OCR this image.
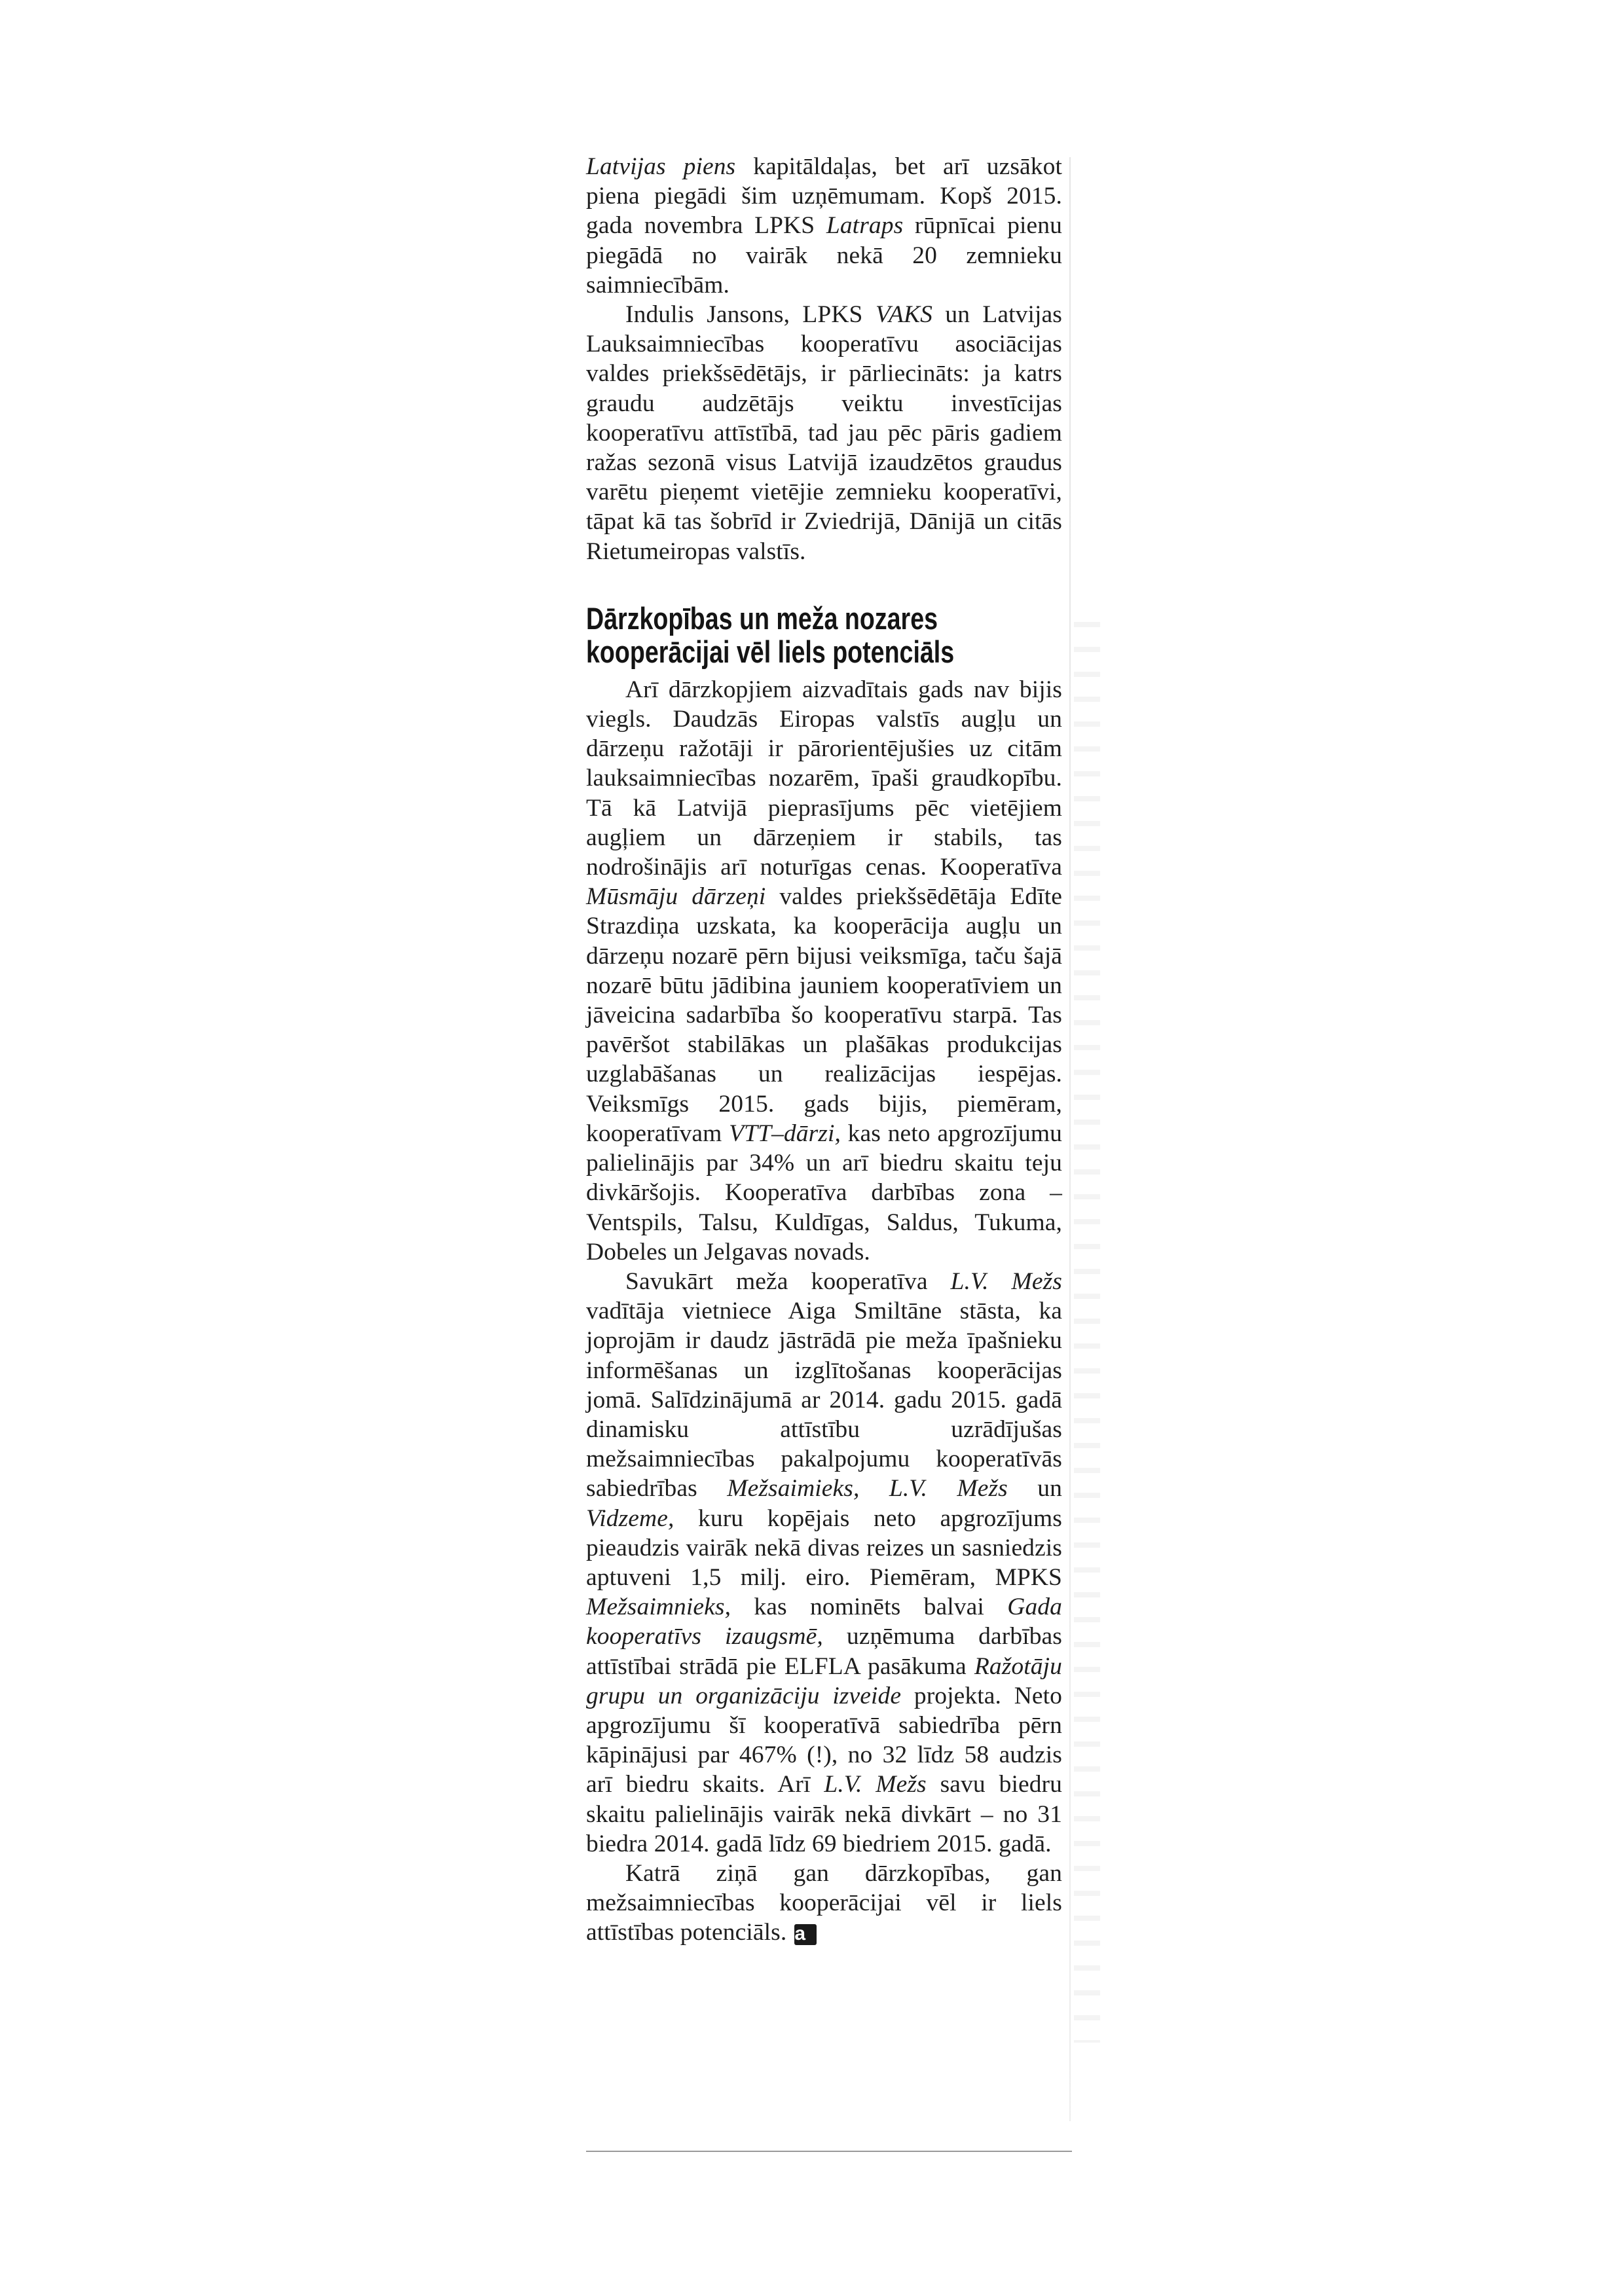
Latvijas piens kapitāldaļas, bet arī uzsākot piena piegādi šim uzņēmumam. Kopš 2015. gada novembra LPKS Latraps rūpnīcai pienu piegādā no vairāk nekā 20 zemnieku saimniecībām.

Indulis Jansons, LPKS VAKS un Latvijas Lauksaimniecības kooperatīvu asociācijas valdes priekšsēdētājs, ir pārliecināts: ja katrs graudu audzētājs veiktu investīcijas kooperatīvu attīstībā, tad jau pēc pāris gadiem ražas sezonā visus Latvijā izaudzētos graudus varētu pieņemt vietējie zemnieku kooperatīvi, tāpat kā tas šobrīd ir Zviedrijā, Dānijā un citās Rietumeiropas valstīs.

Dārzkopības un meža nozares
kooperācijai vēl liels potenciāls

Arī dārzkopjiem aizvadītais gads nav bijis viegls. Daudzās Eiropas valstīs augļu un dārzeņu ražotāji ir pārorientējušies uz citām lauksaimniecības nozarēm, īpaši graudkopību. Tā kā Latvijā pieprasījums pēc vietējiem augļiem un dārzeņiem ir stabils, tas nodrošinājis arī noturīgas cenas. Kooperatīva Mūsmāju dārzeņi valdes priekšsēdētāja Edīte Strazdiņa uzskata, ka kooperācija augļu un dārzeņu nozarē pērn bijusi veiksmīga, taču šajā nozarē būtu jādibina jauniem kooperatīviem un jāveicina sadarbība šo kooperatīvu starpā. Tas pavēršot stabilākas un plašākas produkcijas uzglabāšanas un realizācijas iespējas. Veiksmīgs 2015. gads bijis, piemēram, kooperatīvam VTT–dārzi, kas neto apgrozījumu palielinājis par 34% un arī biedru skaitu teju divkāršojis. Kooperatīva darbības zona – Ventspils, Talsu, Kuldīgas, Saldus, Tukuma, Dobeles un Jelgavas novads.

Savukārt meža kooperatīva L.V. Mežs vadītāja vietniece Aiga Smiltāne stāsta, ka joprojām ir daudz jāstrādā pie meža īpašnieku informēšanas un izglītošanas kooperācijas jomā. Salīdzinājumā ar 2014. gadu 2015. gadā dinamisku attīstību uzrādījušas mežsaimniecības pakalpojumu kooperatīvās sabiedrības Mežsaimieks, L.V. Mežs un Vidzeme, kuru kopējais neto apgrozījums pieaudzis vairāk nekā divas reizes un sasniedzis aptuveni 1,5 milj. eiro. Piemēram, MPKS Mežsaimnieks, kas nominēts balvai Gada kooperatīvs izaugsmē, uzņēmuma darbības attīstībai strādā pie ELFLA pasākuma Ražotāju grupu un organizāciju izveide projekta. Neto apgrozījumu šī kooperatīvā sabiedrība pērn kāpinājusi par 467% (!), no 32 līdz 58 audzis arī biedru skaits. Arī L.V. Mežs savu biedru skaitu palielinājis vairāk nekā divkārt – no 31 biedra 2014. gadā līdz 69 biedriem 2015. gadā.

Katrā ziņā gan dārzkopības, gan mežsaimniecības kooperācijai vēl ir liels attīstības potenciāls. a
